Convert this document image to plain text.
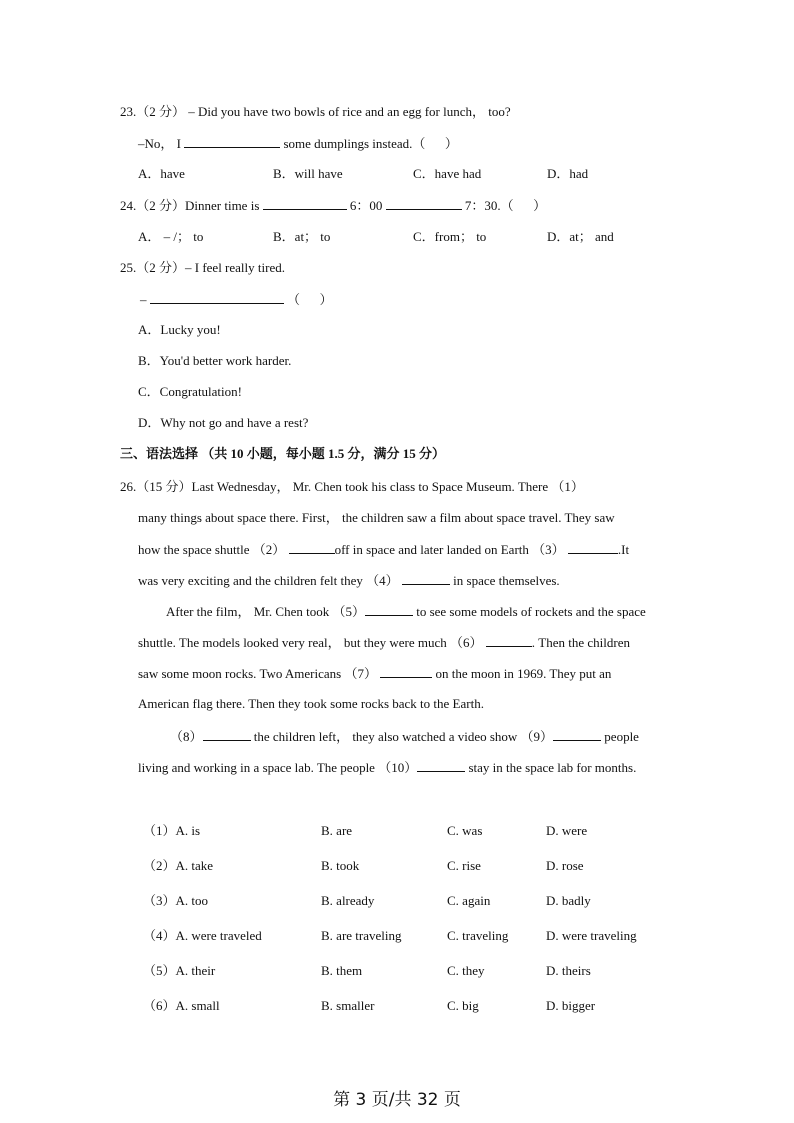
23.（2 分） – Did you have two bowls of rice and an egg for lunch， too?
–No， I	some dumplings instead.（      ）
A．have	B．will have	C．have had	D．had
24.（2 分）Dinner time is	6：00	7：30.（      ）
A． – /； to	B．at； to	C．from； to	D．at； and
25.（2 分）– I feel really tired.
–	（      ）
A．Lucky you!
B．You'd better work harder.
C．Congratulation!
D．Why not go and have a rest?
三、语法选择 （共 10 小题，每小题 1.5 分，满分 15 分）
26.（15 分）Last Wednesday， Mr. Chen took his class to Space Museum. There （1）
many things about space there. First， the children saw a film about space travel. They saw
how the space shuttle （2）	off in space and later landed on Earth （3）	.It
was very exciting and the children felt they （4）	in space themselves.
After the film， Mr. Chen took （5）	to see some models of rockets and the space
shuttle. The models looked very real， but they were much （6）	. Then the children
saw some moon rocks. Two Americans （7）	on the moon in 1969. They put an
American flag there. Then they took some rocks back to the Earth.
（8）	the children left， they also watched a video show （9）	people
living and working in a space lab. The people （10）	stay in the space lab for months.
（1）A. is	B. are	C. was	D. were
（2）A. take	B. took	C. rise	D. rose
（3）A. too	B. already	C. again	D. badly
（4）A. were traveled	B. are traveling	C. traveling	D. were traveling
（5）A. their	B. them	C. they	D. theirs
（6）A. small	B. smaller	C. big	D. bigger
第 3 页/共 32 页
